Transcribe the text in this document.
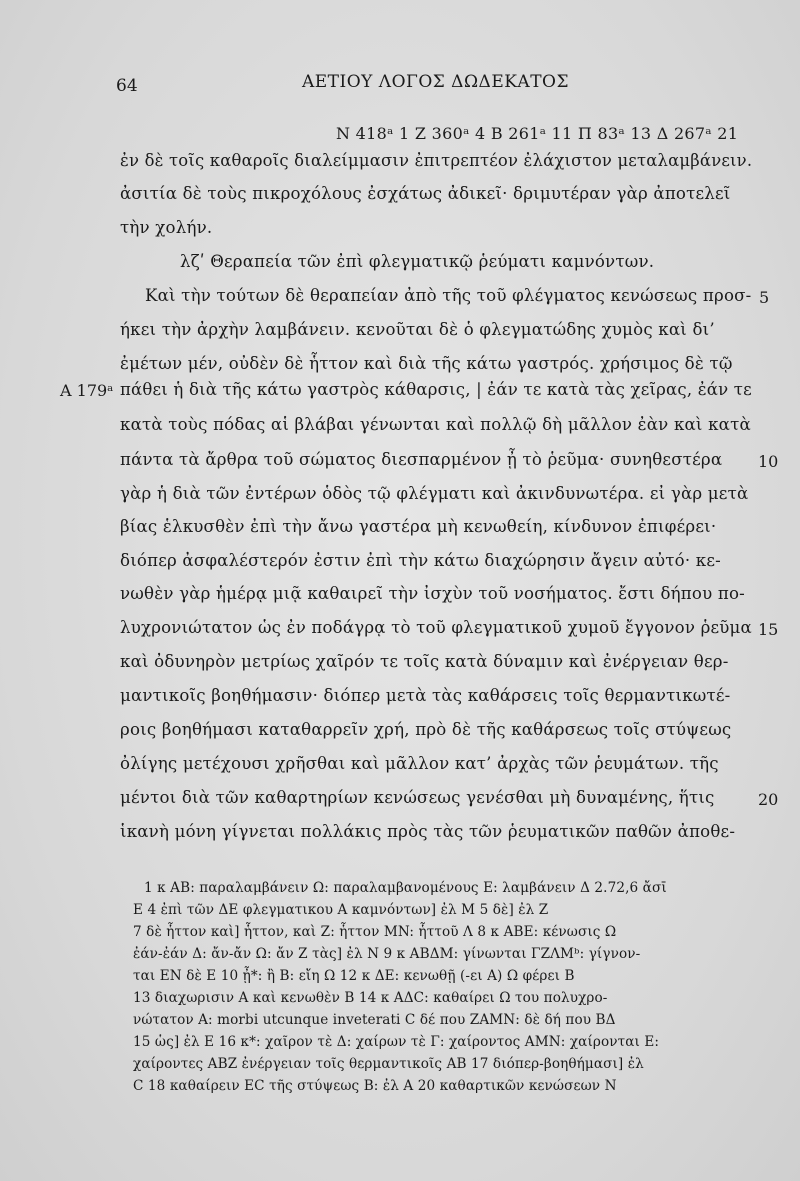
64	ΑΕΤΙΟΥ ΛΟΓΟΣ ΔΩΔΕΚΑΤΟΣ
N 418ᵃ 1 Z 360ᵃ 4 B 261ᵃ 11 Π 83ᵃ 13 Δ 267ᵃ 21
ἐν δὲ τοῖς καθαροῖς διαλείμμασιν ἐπιτρεπτέον ἐλάχιστον μεταλαμβάνειν.
ἀσιτία δὲ τοὺς πικροχόλους ἐσχάτως ἀδικεῖ· δριμυτέραν γὰρ ἀποτελεῖ
τὴν χολήν.
λζʹ Θεραπεία τῶν ἐπὶ φλεγματικῷ ῥεύματι καμνόντων.
Καὶ τὴν τούτων δὲ θεραπείαν ἀπὸ τῆς τοῦ φλέγματος κενώσεως προσ-
ήκει τὴν ἀρχὴν λαμβάνειν. κενοῦται δὲ ὁ φλεγματώδης χυμὸς καὶ δι’
ἐμέτων μέν, οὐδὲν δὲ ἧττον καὶ διὰ τῆς κάτω γαστρός. χρήσιμος δὲ τῷ
πάθει ἡ διὰ τῆς κάτω γαστρὸς κάθαρσις, | ἐάν τε κατὰ τὰς χεῖρας, ἐάν τε
κατὰ τοὺς πόδας αἱ βλάβαι γένωνται καὶ πολλῷ δὴ μᾶλλον ἐὰν καὶ κατὰ
πάντα τὰ ἄρθρα τοῦ σώματος διεσπαρμένον ᾖ τὸ ῥεῦμα· συνηθεστέρα
γὰρ ἡ διὰ τῶν ἐντέρων ὁδὸς τῷ φλέγματι καὶ ἀκινδυνωτέρα. εἰ γὰρ μετὰ
βίας ἑλκυσθὲν ἐπὶ τὴν ἄνω γαστέρα μὴ κενωθείη, κίνδυνον ἐπιφέρει·
διόπερ ἀσφαλέστερόν ἐστιν ἐπὶ τὴν κάτω διαχώρησιν ἄγειν αὐτό· κε-
νωθὲν γὰρ ἡμέρᾳ μιᾷ καθαιρεῖ τὴν ἰσχὺν τοῦ νοσήματος. ἔστι δήπου πο-
λυχρονιώτατον ὡς ἐν ποδάγρᾳ τὸ τοῦ φλεγματικοῦ χυμοῦ ἔγγονον ῥεῦμα
καὶ ὀδυνηρὸν μετρίως χαῖρόν τε τοῖς κατὰ δύναμιν καὶ ἐνέργειαν θερ-
μαντικοῖς βοηθήμασιν· διόπερ μετὰ τὰς καθάρσεις τοῖς θερμαντικωτέ-
ροις βοηθήμασι καταθαρρεῖν χρή, πρὸ δὲ τῆς καθάρσεως τοῖς στύψεως
ὀλίγης μετέχουσι χρῆσθαι καὶ μᾶλλον κατ’ ἀρχὰς τῶν ῥευμάτων. τῆς
μέντοι διὰ τῶν καθαρτηρίων κενώσεως γενέσθαι μὴ δυναμένης, ἥτις
ἱκανὴ μόνη γίγνεται πολλάκις πρὸς τὰς τῶν ῥευματικῶν παθῶν ἀποθε-
5
10
15
20
A 179ᵃ
1 κ AB: παραλαμβάνειν Ω: παραλαμβανομένους E: λαμβάνειν Δ 2.72,6 ἄσῑ
E 4 ἐπὶ τῶν ΔE φλεγματικου A καμνόντων] ἐλ M 5 δὲ] ἐλ Z
7 δὲ ἧττον καὶ] ἧττον, καὶ Z: ἧττον MN: ἧττοῦ Λ 8 κ ABE: κένωσις Ω
ἐάν-ἐάν Δ: ἄν-ἄν Ω: ἄν Z τὰς] ἐλ N 9 κ ΑΒΔΜ: γίνωνται ΓΖΛΜᵇ: γίγνον-
ται EN δὲ E 10 ᾖ*: ἢ B: εἴη Ω 12 κ ΔE: κενωθῇ (-ει Α) Ω φέρει B
13 διαχωρισιν A καὶ κενωθὲν B 14 κ ΑΔC: καθαίρει Ω του πολυχρο-
νώτατον A: morbi utcunque inveterati C δέ που ΖΑΜΝ: δὲ δή που ΒΔ
15 ὡς] ἐλ E 16 κ*: χαῖρον τὲ Δ: χαίρων τὲ Γ: χαίροντος ΑΜΝ: χαίρονται E:
χαίροντες ABZ ἐνέργειαν τοῖς θερμαντικοῖς AB 17 διόπερ-βοηθήμασι] ἐλ
C 18 καθαίρειν EC τῆς στύψεως B: ἐλ A 20 καθαρτικῶν κενώσεων N
